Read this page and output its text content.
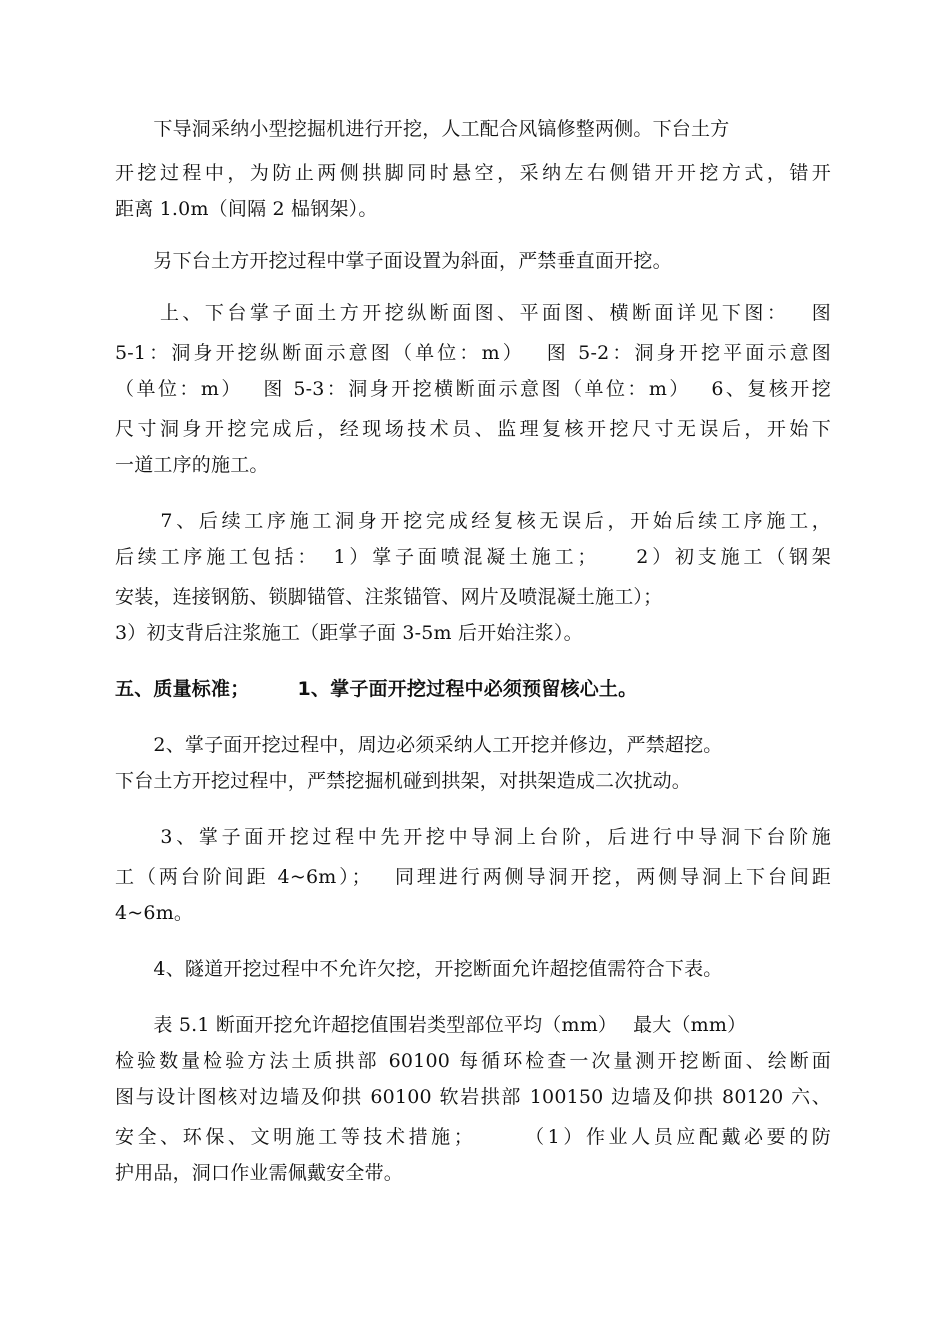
　　下导洞采纳小型挖掘机进行开挖，人工配合风镐修整两侧。下台土方
开挖过程中，为防止两侧拱脚同时悬空，采纳左右侧错开开挖方式，错开
距离 1.0m（间隔 2 榀钢架）。
　　另下台土方开挖过程中掌子面设置为斜面，严禁垂直面开挖。
　　上、下台掌子面土方开挖纵断面图、平面图、横断面详见下图：　 图
5-1：洞身开挖纵断面示意图（单位：m）　 图 5-2：洞身开挖平面示意图
（单位：m）　 图 5-3：洞身开挖横断面示意图（单位：m）　 6、复核开挖
尺寸洞身开挖完成后，经现场技术员、监理复核开挖尺寸无误后，开始下
一道工序的施工。
　　7、后续工序施工洞身开挖完成经复核无误后，开始后续工序施工，
后续工序施工包括：　1）掌子面喷混凝土施工；　　2）初支施工（钢架
安装，连接钢筋、锁脚锚管、注浆锚管、网片及喷混凝土施工）；
3）初支背后注浆施工（距掌子面 3-5m 后开始注浆）。
五、质量标准；　　　1、掌子面开挖过程中必须预留核心土。
　　2、掌子面开挖过程中，周边必须采纳人工开挖并修边，严禁超挖。
下台土方开挖过程中，严禁挖掘机碰到拱架，对拱架造成二次扰动。
　　3、掌子面开挖过程中先开挖中导洞上台阶，后进行中导洞下台阶施
工（两台阶间距 4~6m）；　 同理进行两侧导洞开挖，两侧导洞上下台间距
4~6m。
　　4、隧道开挖过程中不允许欠挖，开挖断面允许超挖值需符合下表。
　　表 5.1 断面开挖允许超挖值围岩类型部位平均（mm）　 最大（mm）
检验数量检验方法土质拱部 60100 每循环检查一次量测开挖断面、绘断面
图与设计图核对边墙及仰拱 60100 软岩拱部 100150 边墙及仰拱 80120 六、
安全、环保、文明施工等技术措施；　　　（1）作业人员应配戴必要的防
护用品，洞口作业需佩戴安全带。
